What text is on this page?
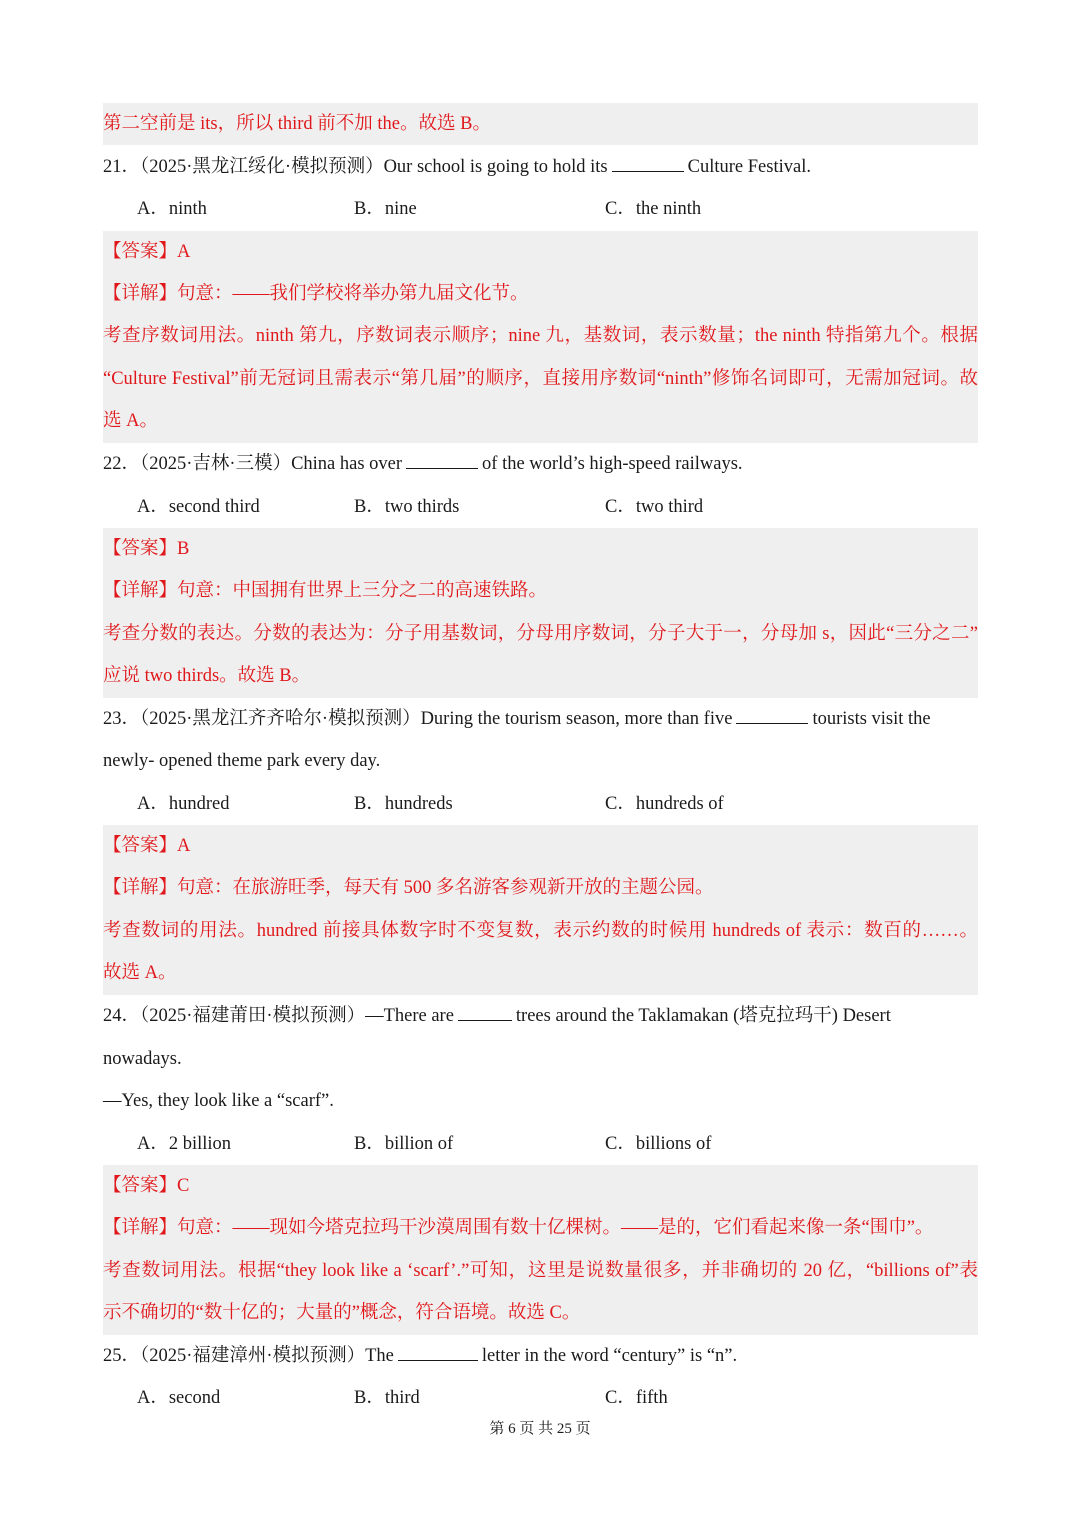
第二空前是 its，所以 third 前不加 the。故选 B。
21．（2025·黑龙江绥化·模拟预测）Our school is going to hold its	Culture Festival.
A．ninth	B．nine	C．the ninth
【答案】A
【详解】句意：——我们学校将举办第九届文化节。
考查序数词用法。ninth 第九，序数词表示顺序；nine 九，基数词，表示数量；the ninth 特指第九个。根据
“Culture Festival”前无冠词且需表示“第几届”的顺序，直接用序数词“ninth”修饰名词即可，无需加冠词。故
选 A。
22．（2025·吉林·三模）China has over	of the world’s high-speed railways.
A．second third	B．two thirds	C．two third
【答案】B
【详解】句意：中国拥有世界上三分之二的高速铁路。
考查分数的表达。分数的表达为：分子用基数词，分母用序数词，分子大于一，分母加 s，因此“三分之二”
应说 two thirds。故选 B。
23．（2025·黑龙江齐齐哈尔·模拟预测）During the tourism season, more than five	tourists visit the
newly- opened theme park every day.
A．hundred	B．hundreds	C．hundreds of
【答案】A
【详解】句意：在旅游旺季，每天有 500 多名游客参观新开放的主题公园。
考查数词的用法。hundred 前接具体数字时不变复数，表示约数的时候用 hundreds of 表示：数百的……。
故选 A。
24．（2025·福建莆田·模拟预测）—There are	trees around the Taklamakan (塔克拉玛干) Desert
nowadays.
—Yes, they look like a “scarf”.
A．2 billion	B．billion of	C．billions of
【答案】C
【详解】句意：——现如今塔克拉玛干沙漠周围有数十亿棵树。——是的，它们看起来像一条“围巾”。
考查数词用法。根据“they look like a ‘scarf’.”可知，这里是说数量很多，并非确切的 20 亿，“billions of”表
示不确切的“数十亿的；大量的”概念，符合语境。故选 C。
25．（2025·福建漳州·模拟预测）The	letter in the word “century” is “n”.
A．second	B．third	C．fifth
第 6 页 共 25 页
